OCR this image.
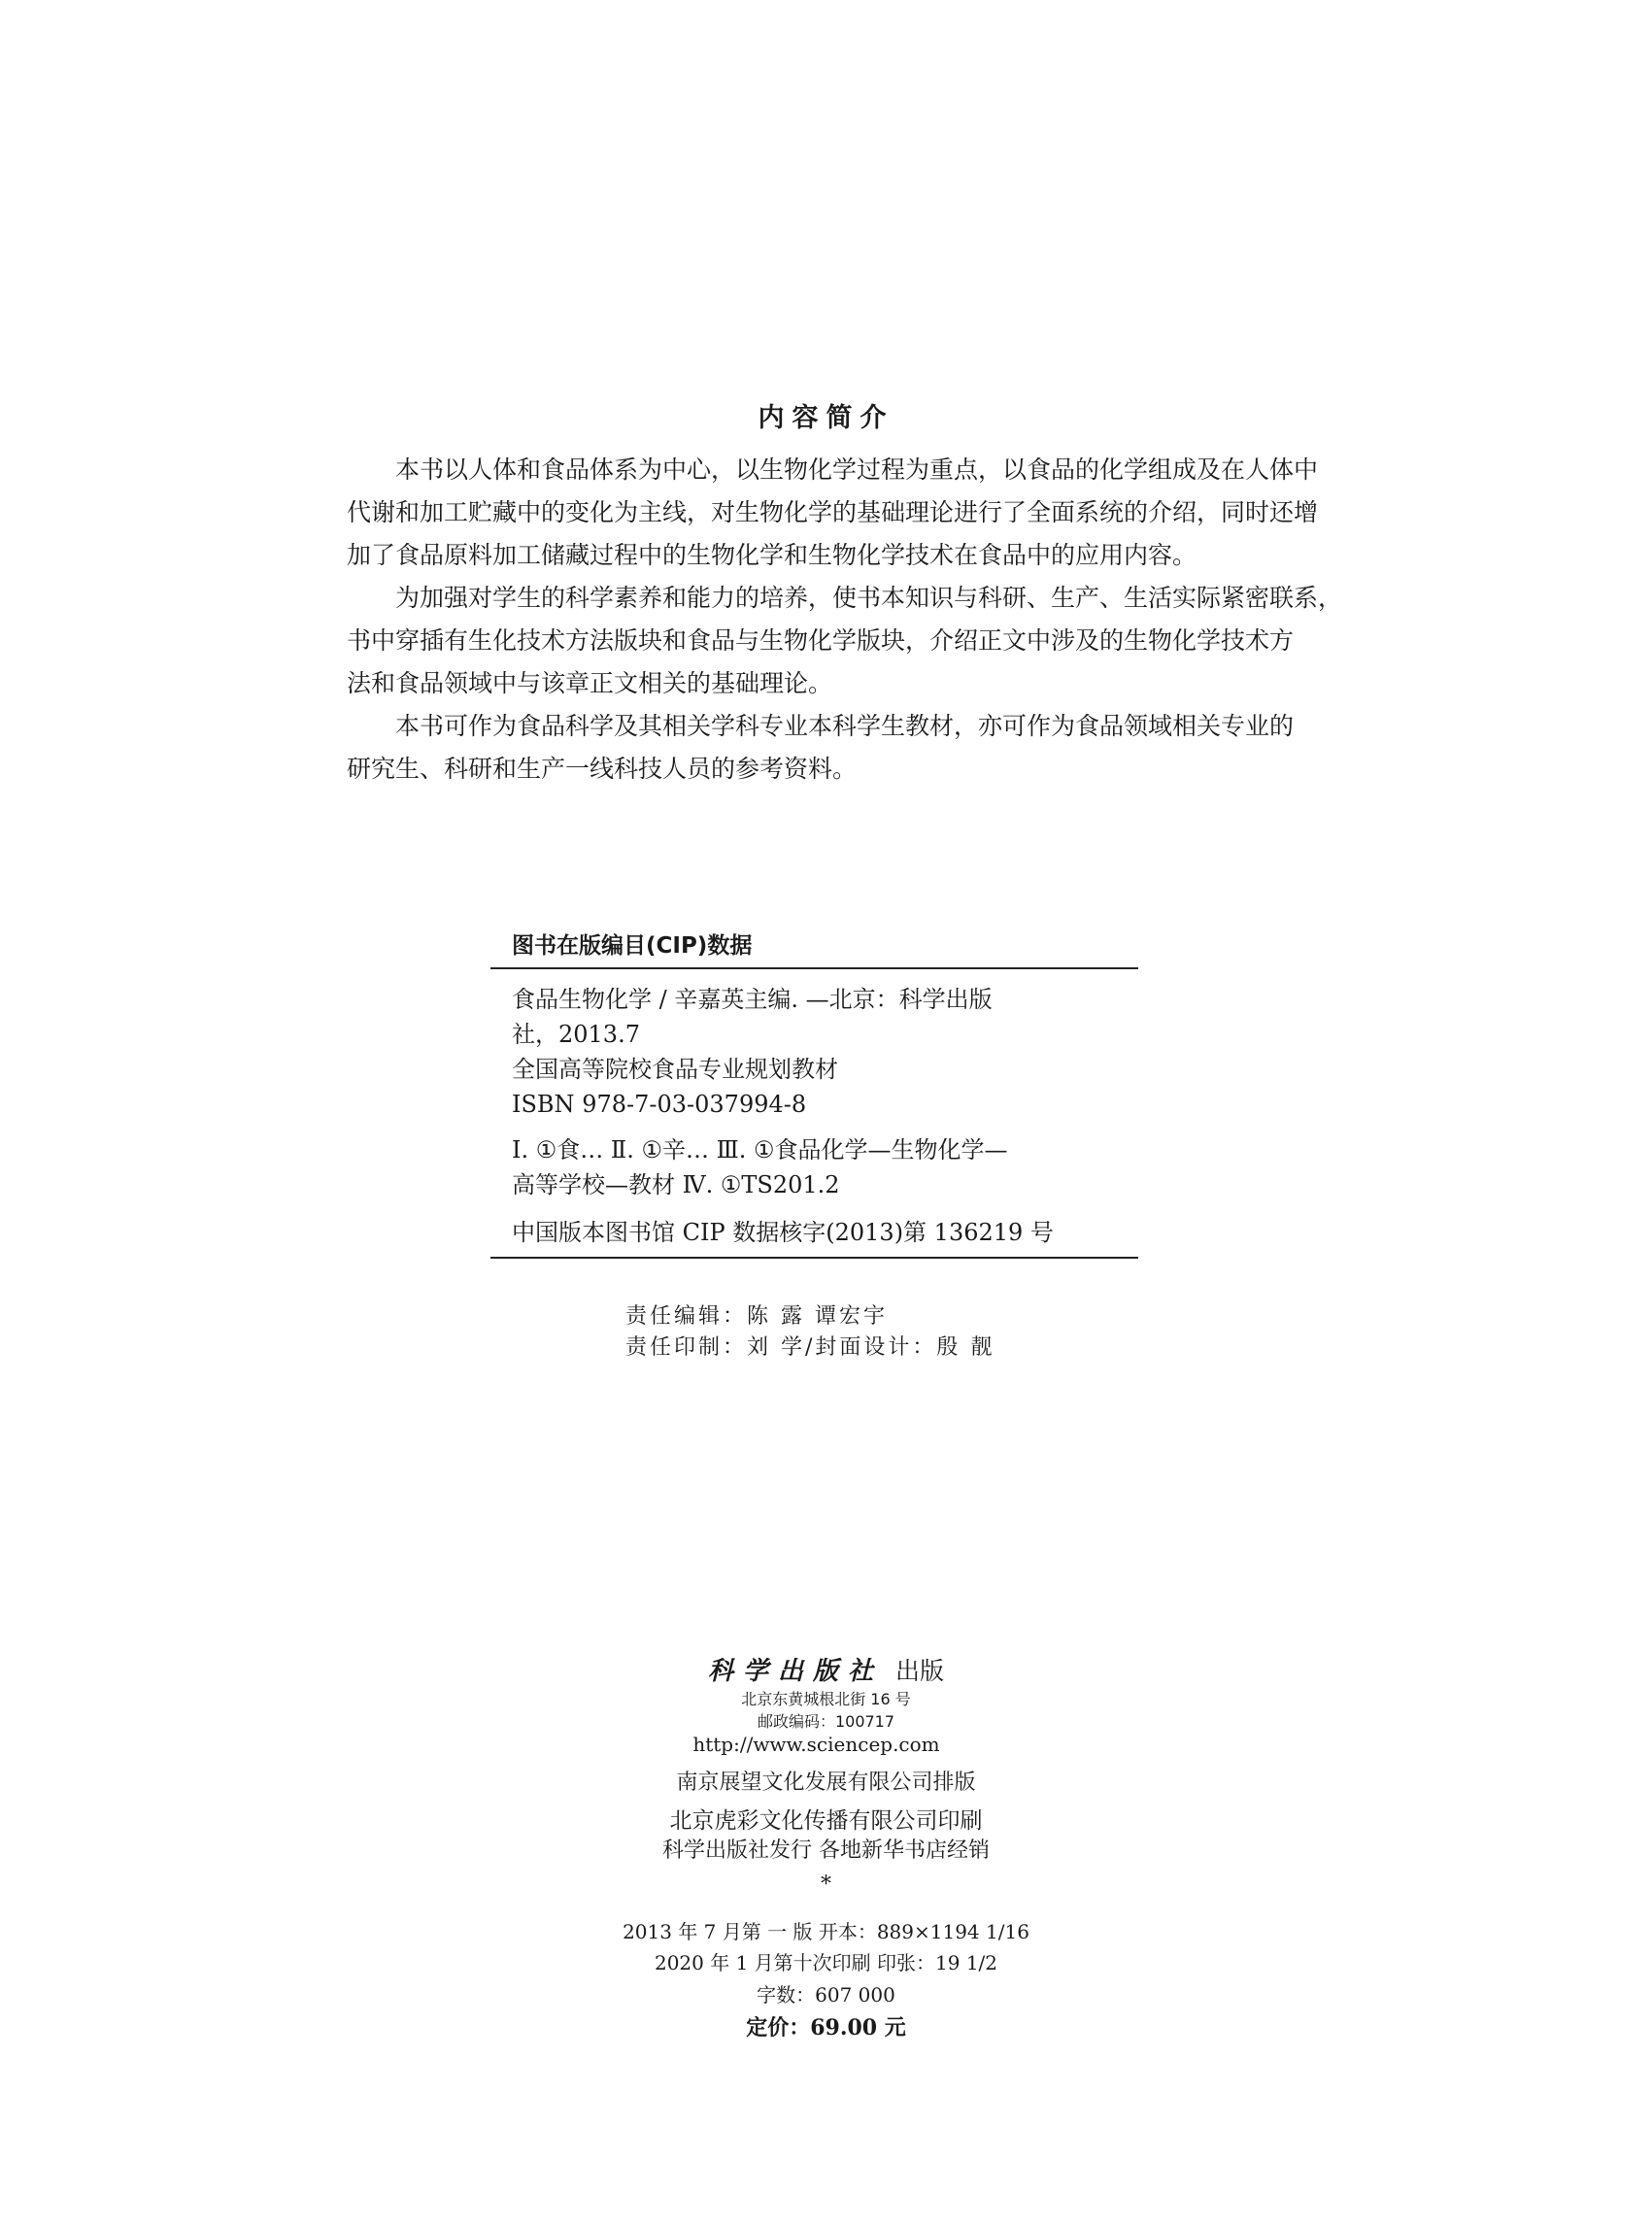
内容简介
本书以人体和食品体系为中心，以生物化学过程为重点，以食品的化学组成及在人体中
代谢和加工贮藏中的变化为主线，对生物化学的基础理论进行了全面系统的介绍，同时还增
加了食品原料加工储藏过程中的生物化学和生物化学技术在食品中的应用内容。
为加强对学生的科学素养和能力的培养，使书本知识与科研、生产、生活实际紧密联系，
书中穿插有生化技术方法版块和食品与生物化学版块，介绍正文中涉及的生物化学技术方
法和食品领域中与该章正文相关的基础理论。
本书可作为食品科学及其相关学科专业本科学生教材，亦可作为食品领域相关专业的
研究生、科研和生产一线科技人员的参考资料。
图书在版编目(CIP)数据
食品生物化学 / 辛嘉英主编. —北京：科学出版
社，2013.7
全国高等院校食品专业规划教材
ISBN 978-7-03-037994-8
Ⅰ. ①食… Ⅱ. ①辛… Ⅲ. ①食品化学—生物化学—
高等学校—教材 Ⅳ. ①TS201.2
中国版本图书馆 CIP 数据核字(2013)第 136219 号
责任编辑：陈 露 谭宏宇
责任印制：刘 学/封面设计：殷 靓
科学出版社 出版
北京东黄城根北街 16 号
邮政编码：100717
http://www.sciencep.com
南京展望文化发展有限公司排版
北京虎彩文化传播有限公司印刷
科学出版社发行 各地新华书店经销
*
2013 年 7 月第 一 版 开本：889×1194 1/16
2020 年 1 月第十次印刷 印张：19 1/2
字数：607 000
定价：69.00 元
